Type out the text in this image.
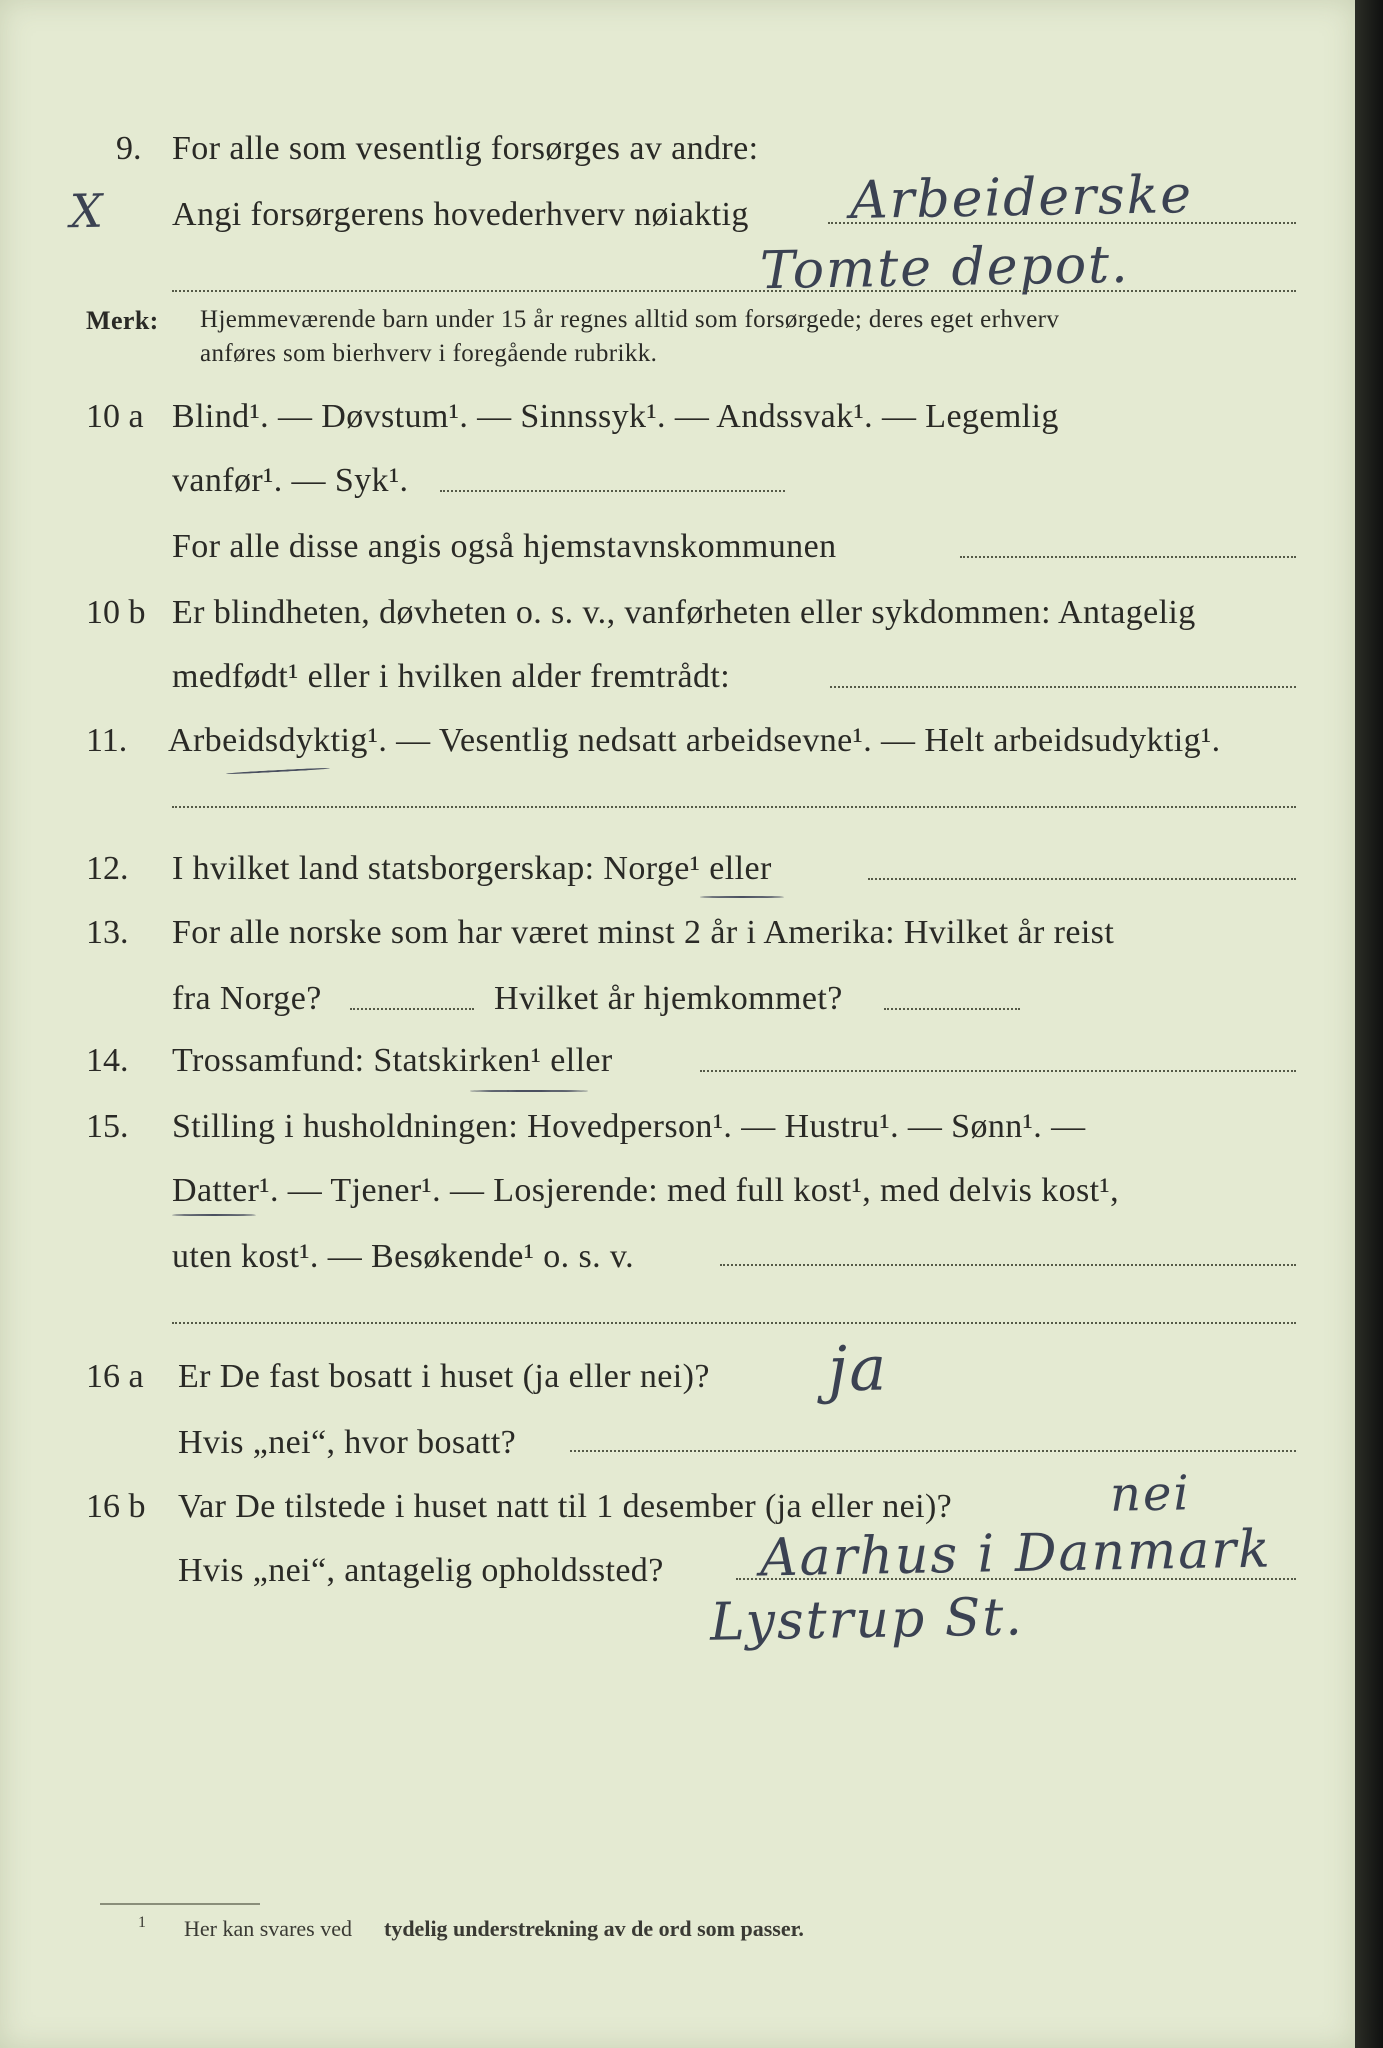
9. For alle som vesentlig forsørges av andre:
X Angi forsørgerens hovederhverv nøiaktig Arbeiderske
Tomte depot.
Merk: Hjemmeværende barn under 15 år regnes alltid som forsørgede; deres eget erhverv
anføres som bierhverv i foregående rubrikk.
10 a Blind¹. — Døvstum¹. — Sinnssyk¹. — Andssvak¹. — Legemlig
vanfør¹. — Syk¹.
For alle disse angis også hjemstavnskommunen
10 b Er blindheten, døvheten o. s. v., vanførheten eller sykdommen: Antagelig
medfødt¹ eller i hvilken alder fremtrådt:
11. Arbeidsdyktig¹. — Vesentlig nedsatt arbeidsevne¹. — Helt arbeidsudyktig¹.
12. I hvilket land statsborgerskap: Norge¹ eller
13. For alle norske som har været minst 2 år i Amerika: Hvilket år reist
fra Norge?	Hvilket år hjemkommet?
14. Trossamfund: Statskirken¹ eller
15. Stilling i husholdningen: Hovedperson¹. — Hustru¹. — Sønn¹. —
Datter¹. — Tjener¹. — Losjerende: med full kost¹, med delvis kost¹,
uten kost¹. — Besøkende¹ o. s. v.
16 a Er De fast bosatt i huset (ja eller nei)? ja
Hvis „nei“, hvor bosatt?
16 b Var De tilstede i huset natt til 1 desember (ja eller nei)?	nei
Hvis „nei“, antagelig opholdssted? Aarhus i Danmark
Lystrup St.
1 Her kan svares ved tydelig understrekning av de ord som passer.
